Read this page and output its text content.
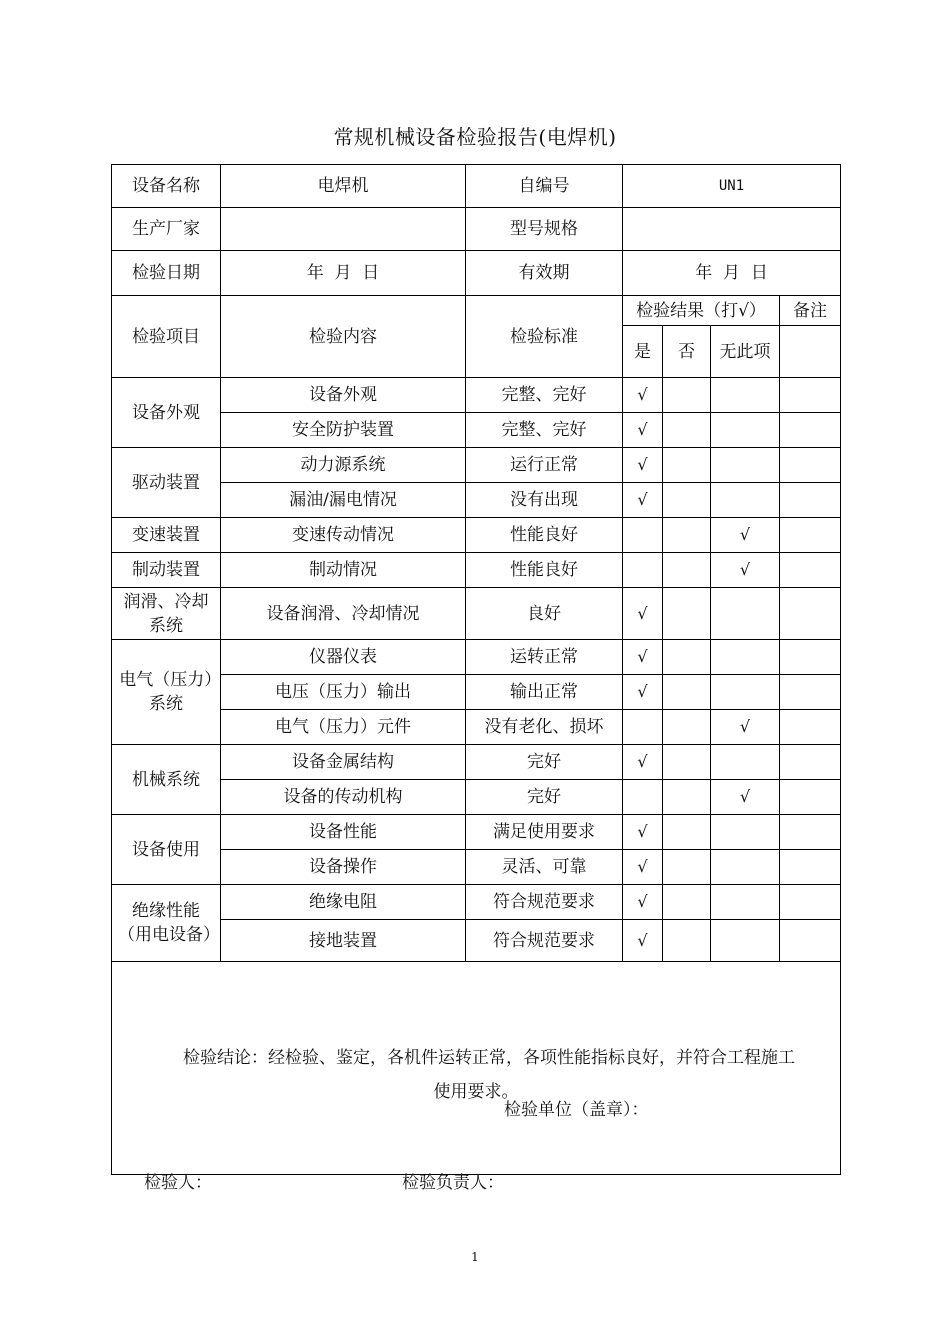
常规机械设备检验报告(电焊机)
设备名称	电焊机	自编号	UN1			
生产厂家		型号规格				
检验日期	年  月  日	有效期	年  月  日			
检验项目	检验内容	检验标准	检验结果（打√）			备注
			是	否	无此项	
设备外观	设备外观	完整、完好	√			
	安全防护装置	完整、完好	√			
驱动装置	动力源系统	运行正常	√			
	漏油/漏电情况	没有出现	√			
变速装置	变速传动情况	性能良好			√	
制动装置	制动情况	性能良好			√	
润滑、冷却系统	设备润滑、冷却情况	良好	√			
电气（压力）系统	仪器仪表	运转正常	√			
	电压（压力）输出	输出正常	√			
	电气（压力）元件	没有老化、损坏			√	
机械系统	设备金属结构	完好	√			
	设备的传动机构	完好			√	
设备使用	设备性能	满足使用要求	√			
	设备操作	灵活、可靠	√			
绝缘性能（用电设备）	绝缘电阻	符合规范要求	√			
	接地装置	符合规范要求	√			

检验结论：经检验、鉴定，各机件运转正常，各项性能指标良好，并符合工程施工
使用要求。
检验单位（盖章）：						
检验人：	检验负责人：
1
